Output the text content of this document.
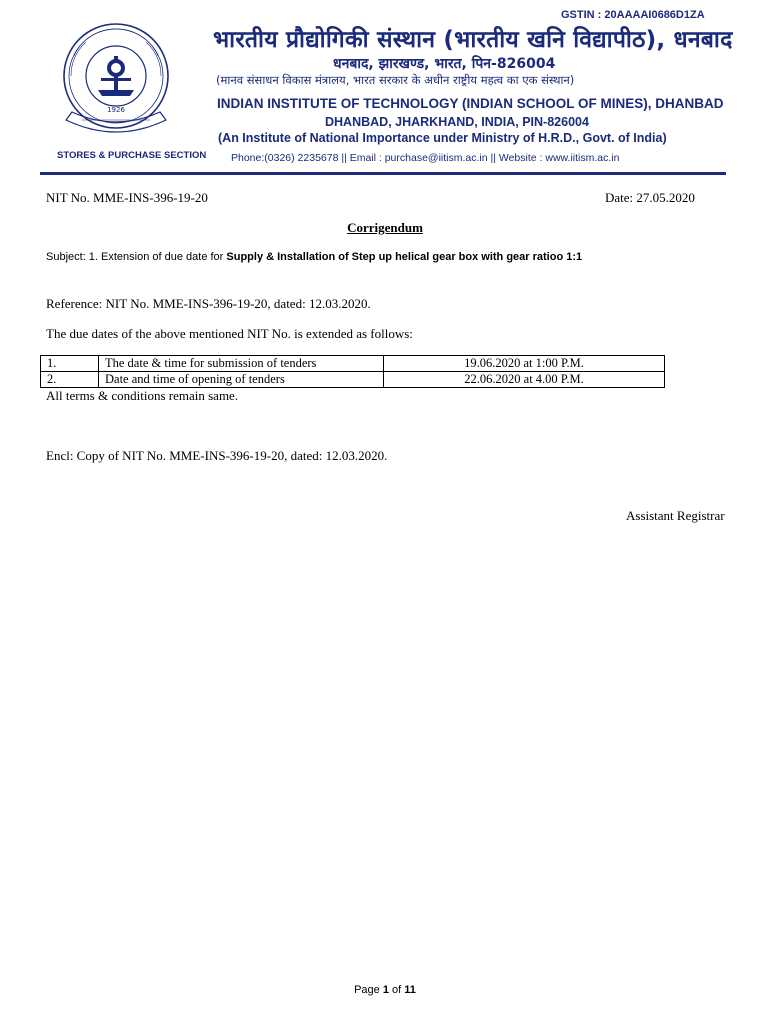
GSTIN : 20AAAAI0686D1ZA
1926
भारतीय प्रौद्योगिकी संस्थान (भारतीय खनि विद्यापीठ), धनबाद
धनबाद, झारखण्ड, भारत, पिन-826004
(मानव संसाधन विकास मंत्रालय, भारत सरकार के अधीन राष्ट्रीय महत्व का एक संस्थान)
INDIAN INSTITUTE OF TECHNOLOGY (INDIAN SCHOOL OF MINES), DHANBAD
DHANBAD, JHARKHAND, INDIA, PIN-826004
(An Institute of National Importance under Ministry of H.R.D., Govt. of India)
STORES & PURCHASE SECTION Phone:(0326) 2235678 || Email : purchase@iitism.ac.in || Website : www.iitism.ac.in
NIT No. MME-INS-396-19-20	Date: 27.05.2020
Corrigendum
Subject: 1. Extension of due date for Supply & Installation of Step up helical gear box with gear ratioo 1:1
Reference: NIT No. MME-INS-396-19-20, dated: 12.03.2020.
The due dates of the above mentioned NIT No. is extended as follows:
1.	The date & time for submission of tenders	19.06.2020 at 1:00 P.M.
2.	Date and time of opening of tenders	22.06.2020 at 4.00 P.M.
All terms & conditions remain same.
Encl: Copy of NIT No. MME-INS-396-19-20, dated: 12.03.2020.
Assistant Registrar
Page 1 of 11
